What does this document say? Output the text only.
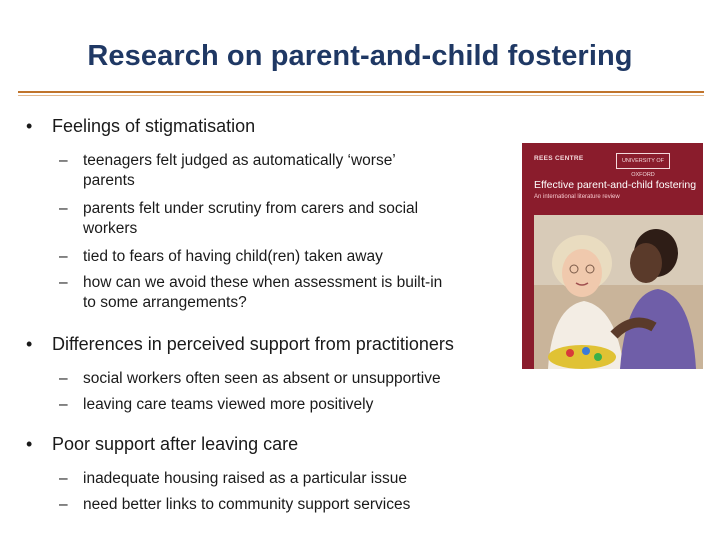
Research on parent-and-child fostering
• Feelings of stigmatisation
– teenagers felt judged as automatically ‘worse’
parents
– parents felt under scrutiny from carers and social
workers
– tied to fears of having child(ren) taken away
– how can we avoid these when assessment is built-in
to some arrangements?
• Differences in perceived support from practitioners
– social workers often seen as absent or unsupportive
– leaving care teams viewed more positively
• Poor support after leaving care
– inadequate housing raised as a particular issue
– need better links to community support services
REES CENTRE	UNIVERSITY OF OXFORD
Effective parent-and-child fostering
An international literature review
